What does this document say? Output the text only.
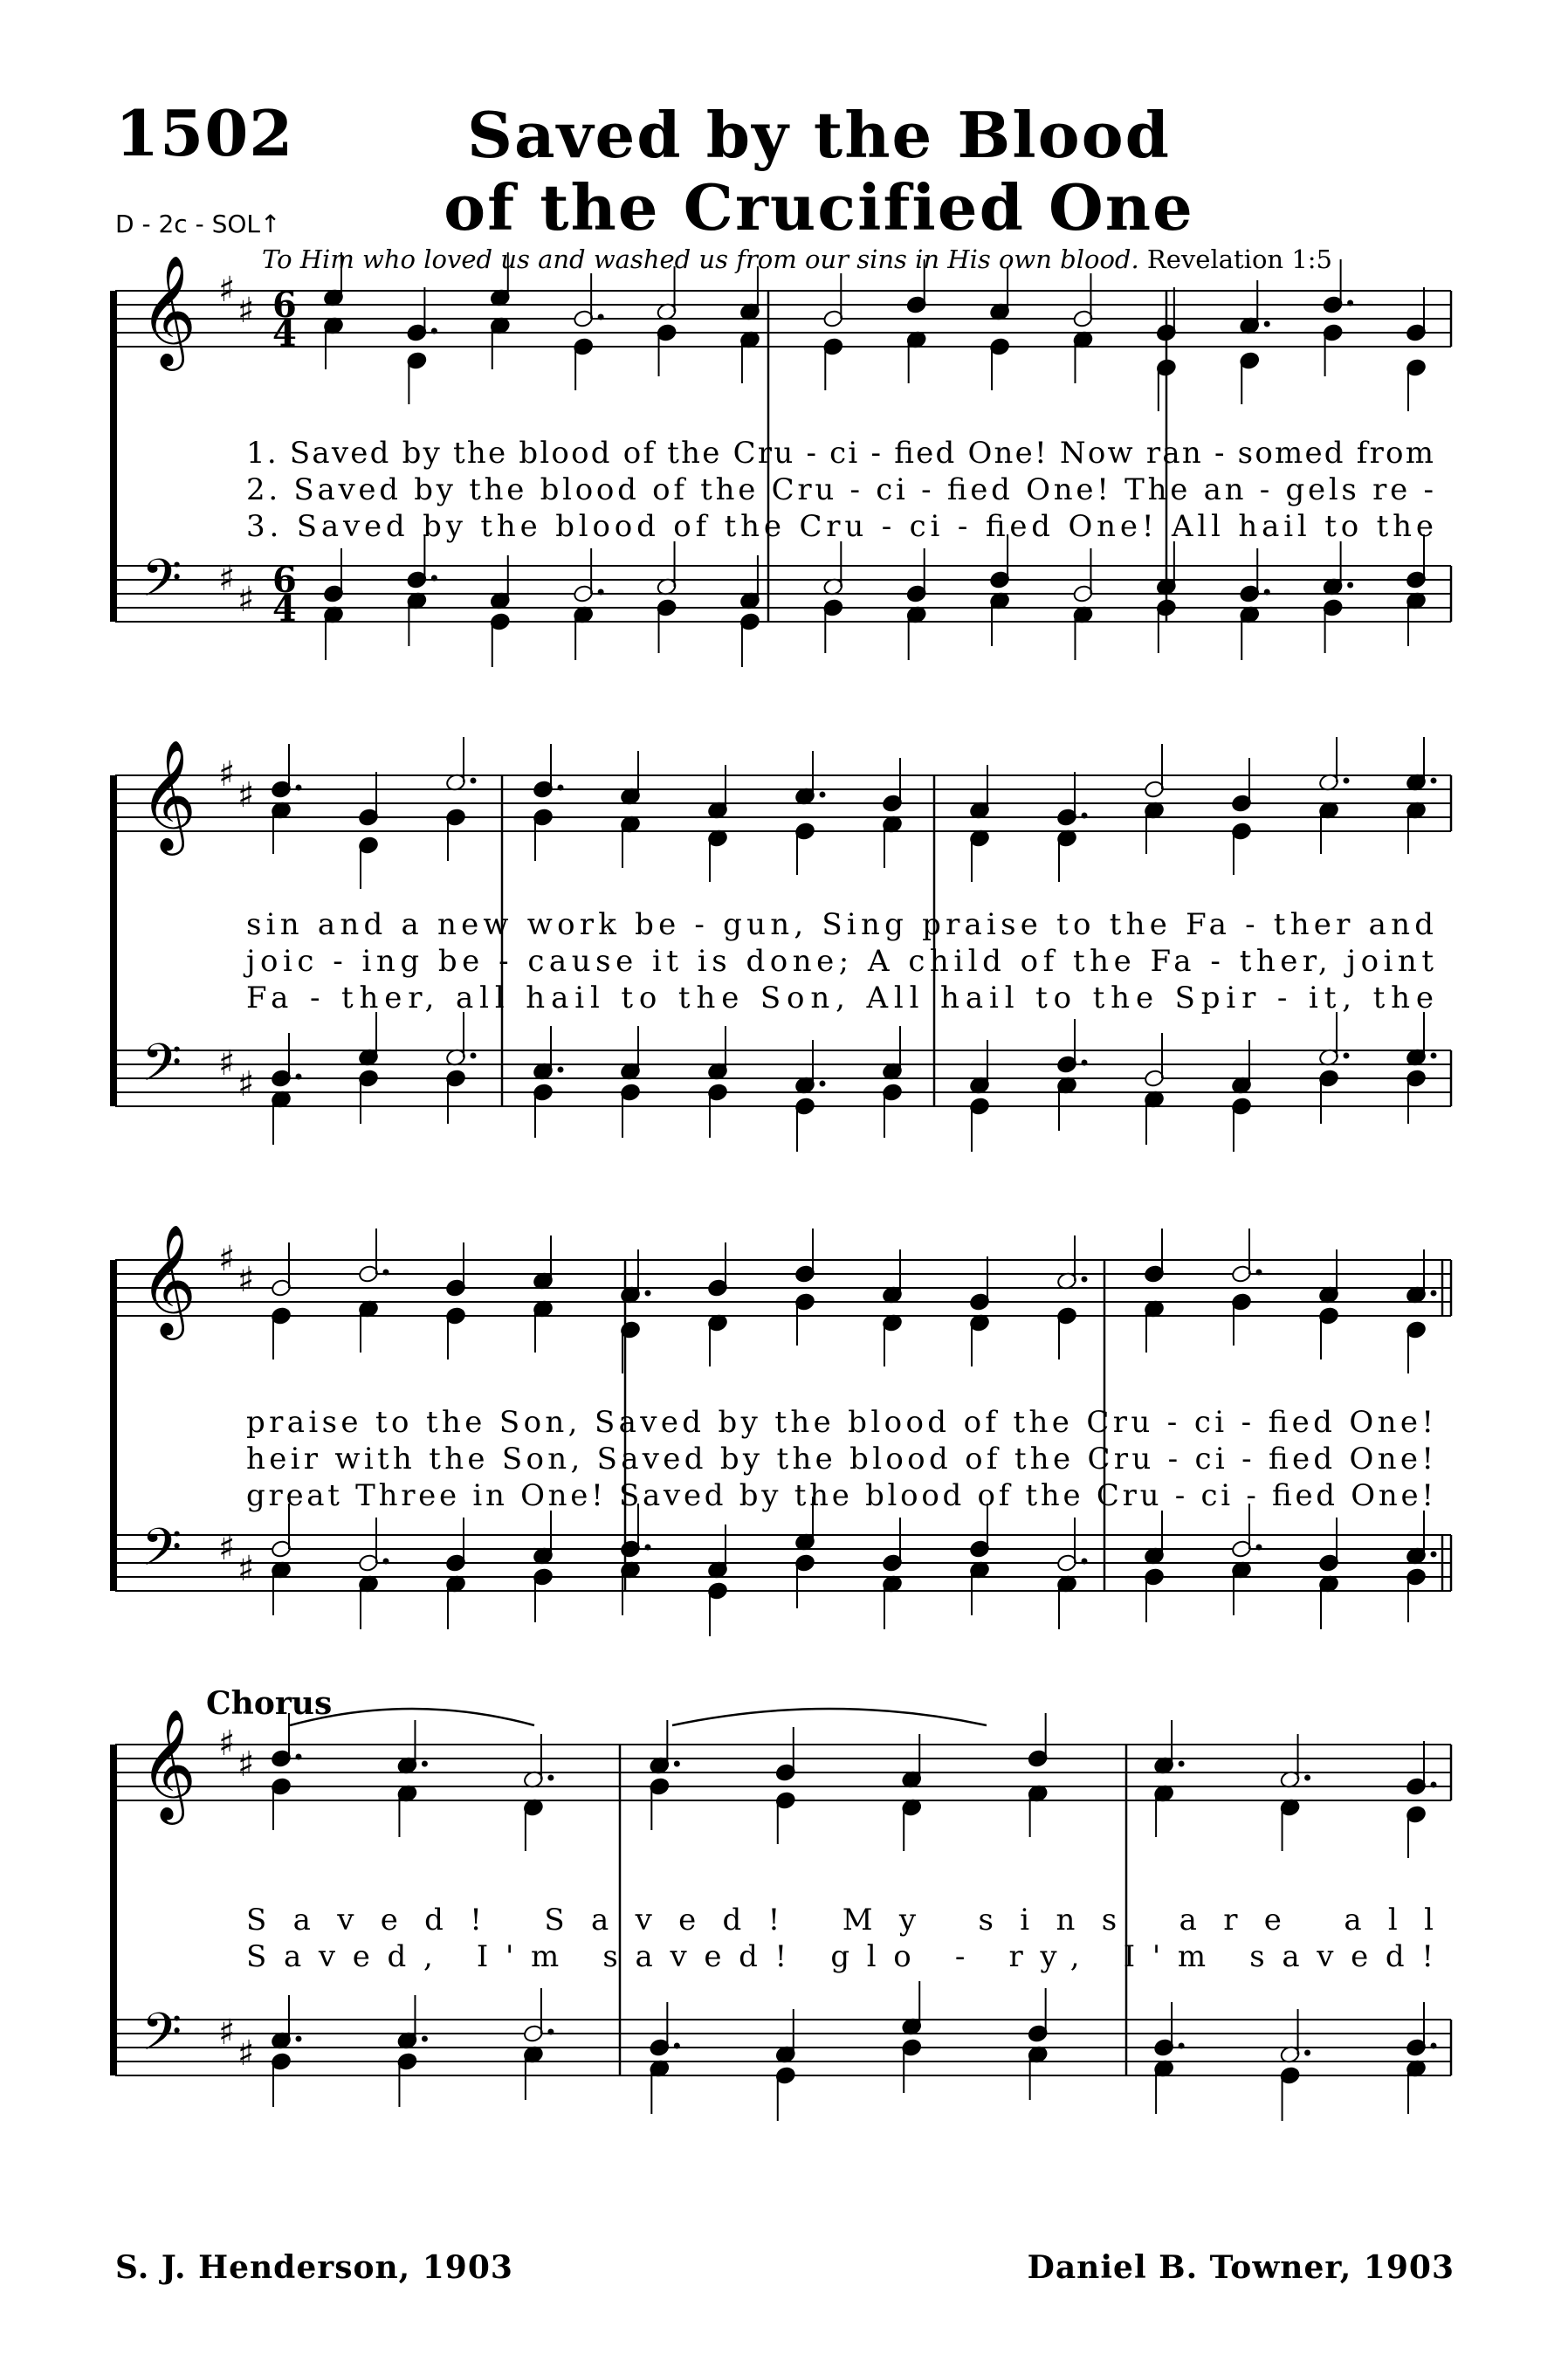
1502	Saved by the Blood
of the Crucified One
D - 2c - SOL↑
To Him who loved us and washed us from our sins in His own blood. Revelation 1:5
Chorus
S. J. Henderson, 1903	Daniel B. Towner, 1903
𝄞
𝄢
♯
♯
♯
♯
6
4
6
4
1. Saved by the blood of the Cru - ci - fied One! Now ran - somed from
2. Saved by the blood of the Cru - ci - fied One! The an - gels re -
3. Saved by the blood of the Cru - ci - fied One! All hail to the
𝄞
𝄢
♯
♯
♯
♯
sin and a new work be - gun, Sing praise to the Fa - ther and
joic - ing be - cause it is done; A child of the Fa - ther, joint
Fa - ther, all hail to the Son, All hail to the Spir - it, the
𝄞
𝄢
♯
♯
♯
♯
praise to the Son, Saved by the blood of the Cru - ci - fied One!
heir with the Son, Saved by the blood of the Cru - ci - fied One!
great Three in One! Saved by the blood of the Cru - ci - fied One!
𝄞
𝄢
♯
♯
♯
♯
Saved! Saved! My sins are all
Saved, I'm saved! glo - ry, I'm saved!
